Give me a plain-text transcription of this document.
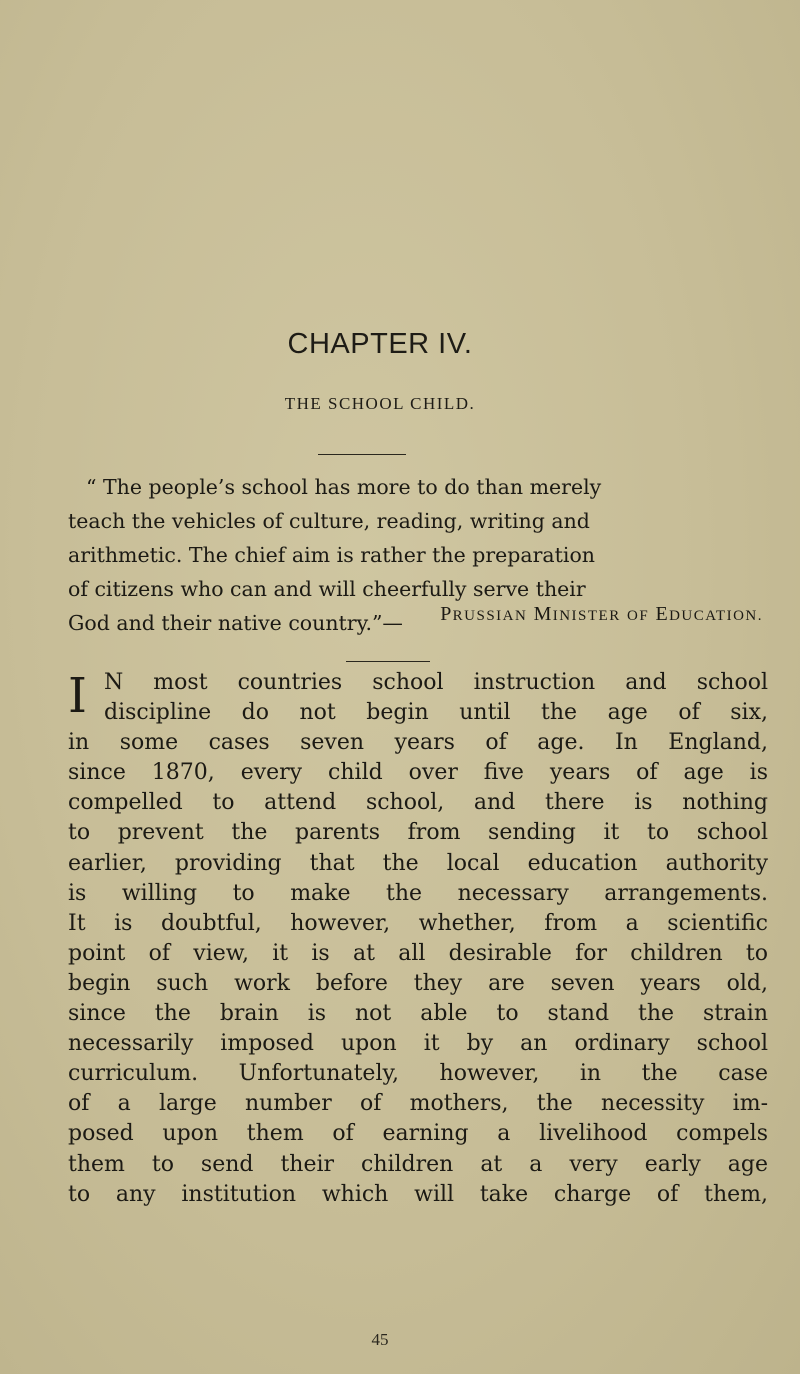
CHAPTER IV.
THE SCHOOL CHILD.
“ The people’s school has more to do than merely
teach the vehicles of culture, reading, writing and
arithmetic. The chief aim is rather the preparation
of citizens who can and will cheerfully serve their
God and their native country.”—	PRUSSIAN MINISTER OF EDUCATION.
I N most countries school instruction and school
discipline do not begin until the age of six,
in some cases seven years of age. In England,
since 1870, every child over five years of age is
compelled to attend school, and there is nothing
to prevent the parents from sending it to school
earlier, providing that the local education authority
is willing to make the necessary arrangements.
It is doubtful, however, whether, from a scientific
point of view, it is at all desirable for children to
begin such work before they are seven years old,
since the brain is not able to stand the strain
necessarily imposed upon it by an ordinary school
curriculum. Unfortunately, however, in the case
of a large number of mothers, the necessity im-
posed upon them of earning a livelihood compels
them to send their children at a very early age
to any institution which will take charge of them,
45
